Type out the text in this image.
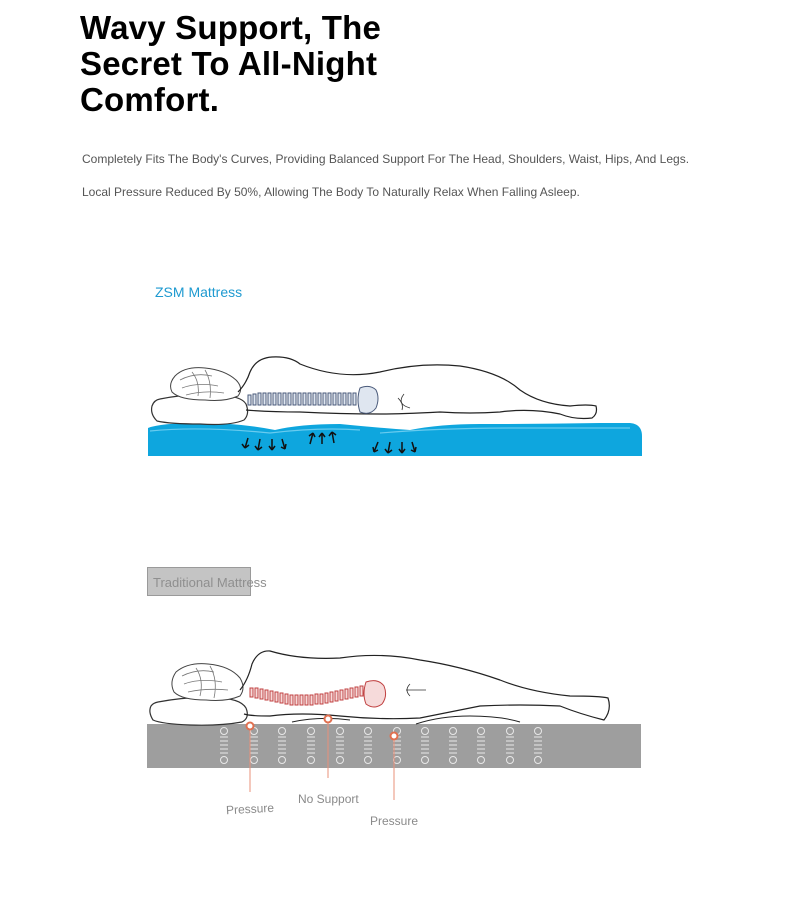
Wavy Support, The
Secret To All-Night
Comfort.

Completely Fits The Body's Curves, Providing Balanced Support For The Head, Shoulders, Waist, Hips, And Legs.

Local Pressure Reduced By 50%, Allowing The Body To Naturally Relax When Falling Asleep.

ZSM Mattress
Traditional Mattress
Pressure
No Support
Pressure
